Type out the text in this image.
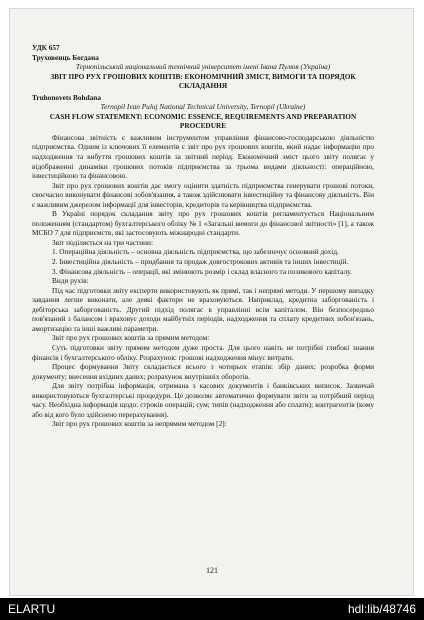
УДК 657

Труховенць Богдана

Тернопільський національний технічний університет імені Івана Пулюя (Україна)

ЗВІТ ПРО РУХ ГРОШОВИХ КОШТІВ: ЕКОНОМІЧНИЙ ЗМІСТ, ВИМОГИ ТА ПОРЯДОК СКЛАДАННЯ

Truhonovets Bohdana

Ternopil Ivan Puluj National Technical University, Ternopil (Ukraine)

CASH FLOW STATEMENT: ECONOMIC ESSENCE, REQUIREMENTS AND PREPARATION PROCEDURE

Фінансова звітність є важливим інструментом управління фінансово-господарською діяльністю підприємства. Одним із ключових її елементів є звіт про рух грошових коштів, який надає інформацію про надходження та вибуття грошових коштів за звітний період. Економічний зміст цього звіту полягає у відображенні динаміки грошових потоків підприємства за трьома видами діяльності: операційною, інвестиційною та фінансовою.

Звіт про рух грошових коштів дає змогу оцінити здатність підприємства генерувати грошові потоки, своєчасно виконувати фінансові зобов'язання, а також здійснювати інвестиційну та фінансову діяльність. Він є важливим джерелом інформації для інвесторів, кредиторів та керівництва підприємства.

В Україні порядок складання звіту про рух грошових коштів регламентується Національним положенням (стандартом) бухгалтерського обліку № 1 «Загальні вимоги до фінансової звітності» [1], а також МСБО 7 для підприємств, які застосовують міжнародні стандарти.

Звіт поділяється на три частини:

1. Операційна діяльність – основна діяльність підприємства, що забезпечує основний дохід.

2. Інвестиційна діяльність – придбання та продаж довгострокових активів та інших інвестицій.

3. Фінансова діяльність – операції, які змінюють розмір і склад власного та позикового капіталу.

Види рухів:

Під час підготовки звіту експерти використовують як прямі, так і непрямі методи. У першому випадку завдання легше виконати, але деякі фактори не враховуються. Наприклад, кредитна заборгованість і дебіторська заборгованість. Другий підхід полягає в управлінні всім капіталом. Він безпосередньо пов'язаний з балансом і враховує доходи майбутніх періодів, надходження та сплату кредитних зобов'язань, амортизацію та інші важливі параметри.

Звіт про рух грошових коштів за прямим методом:

Суть підготовки звіту прямим методом дуже проста. Для цього навіть не потрібні глибокі знання фінансів і бухгалтерського обліку. Розрахунок: грошові надходження мінус витрати.

Процес формування Звіту складається всього з чотирьох етапів: збір даних; розробка форми документу; внесення вхідних даних; розрахунок внутрішніх оборотів.

Для звіту потрібна інформація, отримана з касових документів і банківських виписок. Зазвичай використовуються бухгалтерські процедури. Це дозволяє автоматично формувати звіти за потрібний період часу. Необхідна інформація щодо: строків операцій; сум; типів (надходження або сплати); контрагентів (кому або від кого було здійснено перерахування).

Звіт про рух грошових коштів за непрямим методом [2]:

121
ELARTU	hdl:lib/48746
